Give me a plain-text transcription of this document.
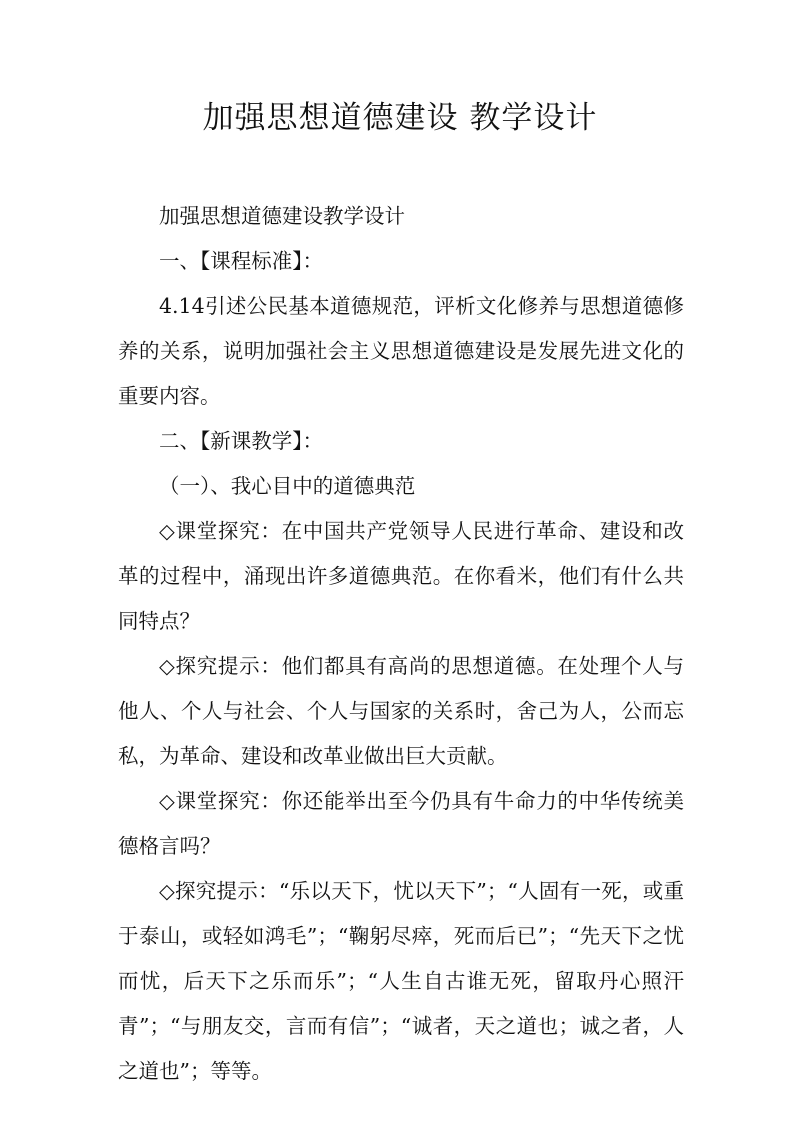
加强思想道德建设 教学设计

加强思想道德建设教学设计

一、【课程标准】：

4.14引述公民基本道德规范，评析文化修养与思想道德修养的关系，说明加强社会主义思想道德建设是发展先进文化的重要内容。

二、【新课教学】：

（一）、我心目中的道德典范

◇课堂探究：在中国共产党领导人民进行革命、建设和改革的过程中，涌现出许多道德典范。在你看米，他们有什么共同特点？

◇探究提示：他们都具有高尚的思想道德。在处理个人与他人、个人与社会、个人与国家的关系时，舍己为人，公而忘私，为革命、建设和改革业做出巨大贡献。

◇课堂探究：你还能举出至今仍具有牛命力的中华传统美德格言吗？

◇探究提示：“乐以天下，忧以天下”；“人固有一死，或重于泰山，或轻如鸿毛”；“鞠躬尽瘁，死而后已”；“先天下之忧而忧，后天下之乐而乐”；“人生自古谁无死，留取丹心照汗青”；“与朋友交，言而有信”；“诚者，天之道也；诚之者，人之道也”；等等。
